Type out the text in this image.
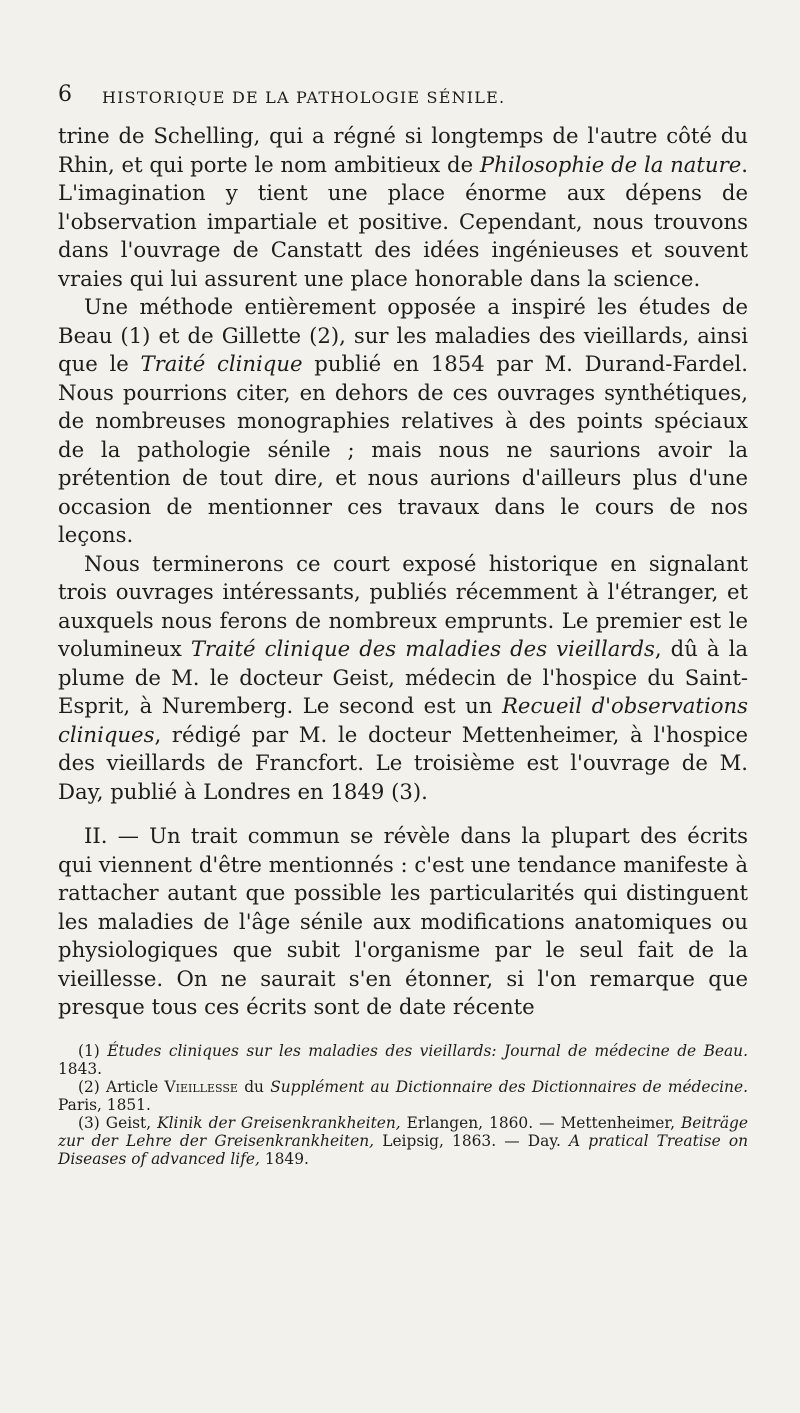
6 HISTORIQUE DE LA PATHOLOGIE SÉNILE.

trine de Schelling, qui a régné si longtemps de l'autre côté du Rhin, et qui porte le nom ambitieux de Philosophie de la nature. L'imagination y tient une place énorme aux dépens de l'observation impartiale et positive. Cependant, nous trouvons dans l'ouvrage de Canstatt des idées ingénieuses et souvent vraies qui lui assurent une place honorable dans la science.

Une méthode entièrement opposée a inspiré les études de Beau (1) et de Gillette (2), sur les maladies des vieillards, ainsi que le Traité clinique publié en 1854 par M. Durand-Fardel. Nous pourrions citer, en dehors de ces ouvrages synthétiques, de nombreuses monographies relatives à des points spéciaux de la pathologie sénile ; mais nous ne saurions avoir la prétention de tout dire, et nous aurions d'ailleurs plus d'une occasion de mentionner ces travaux dans le cours de nos leçons.

Nous terminerons ce court exposé historique en signalant trois ouvrages intéressants, publiés récemment à l'étranger, et auxquels nous ferons de nombreux emprunts. Le premier est le volumineux Traité clinique des maladies des vieillards, dû à la plume de M. le docteur Geist, médecin de l'hospice du Saint-Esprit, à Nuremberg. Le second est un Recueil d'observations cliniques, rédigé par M. le docteur Mettenheimer, à l'hospice des vieillards de Francfort. Le troisième est l'ouvrage de M. Day, publié à Londres en 1849 (3).

II. — Un trait commun se révèle dans la plupart des écrits qui viennent d'être mentionnés : c'est une tendance manifeste à rattacher autant que possible les particularités qui distinguent les maladies de l'âge sénile aux modifications anatomiques ou physiologiques que subit l'organisme par le seul fait de la vieillesse. On ne saurait s'en étonner, si l'on remarque que presque tous ces écrits sont de date récente

(1) Études cliniques sur les maladies des vieillards: Journal de médecine de Beau. 1843.

(2) Article Vieillesse du Supplément au Dictionnaire des Dictionnaires de médecine. Paris, 1851.

(3) Geist, Klinik der Greisenkrankheiten, Erlangen, 1860. — Mettenheimer, Beiträge zur der Lehre der Greisenkrankheiten, Leipsig, 1863. — Day. A pratical Treatise on Diseases of advanced life, 1849.
